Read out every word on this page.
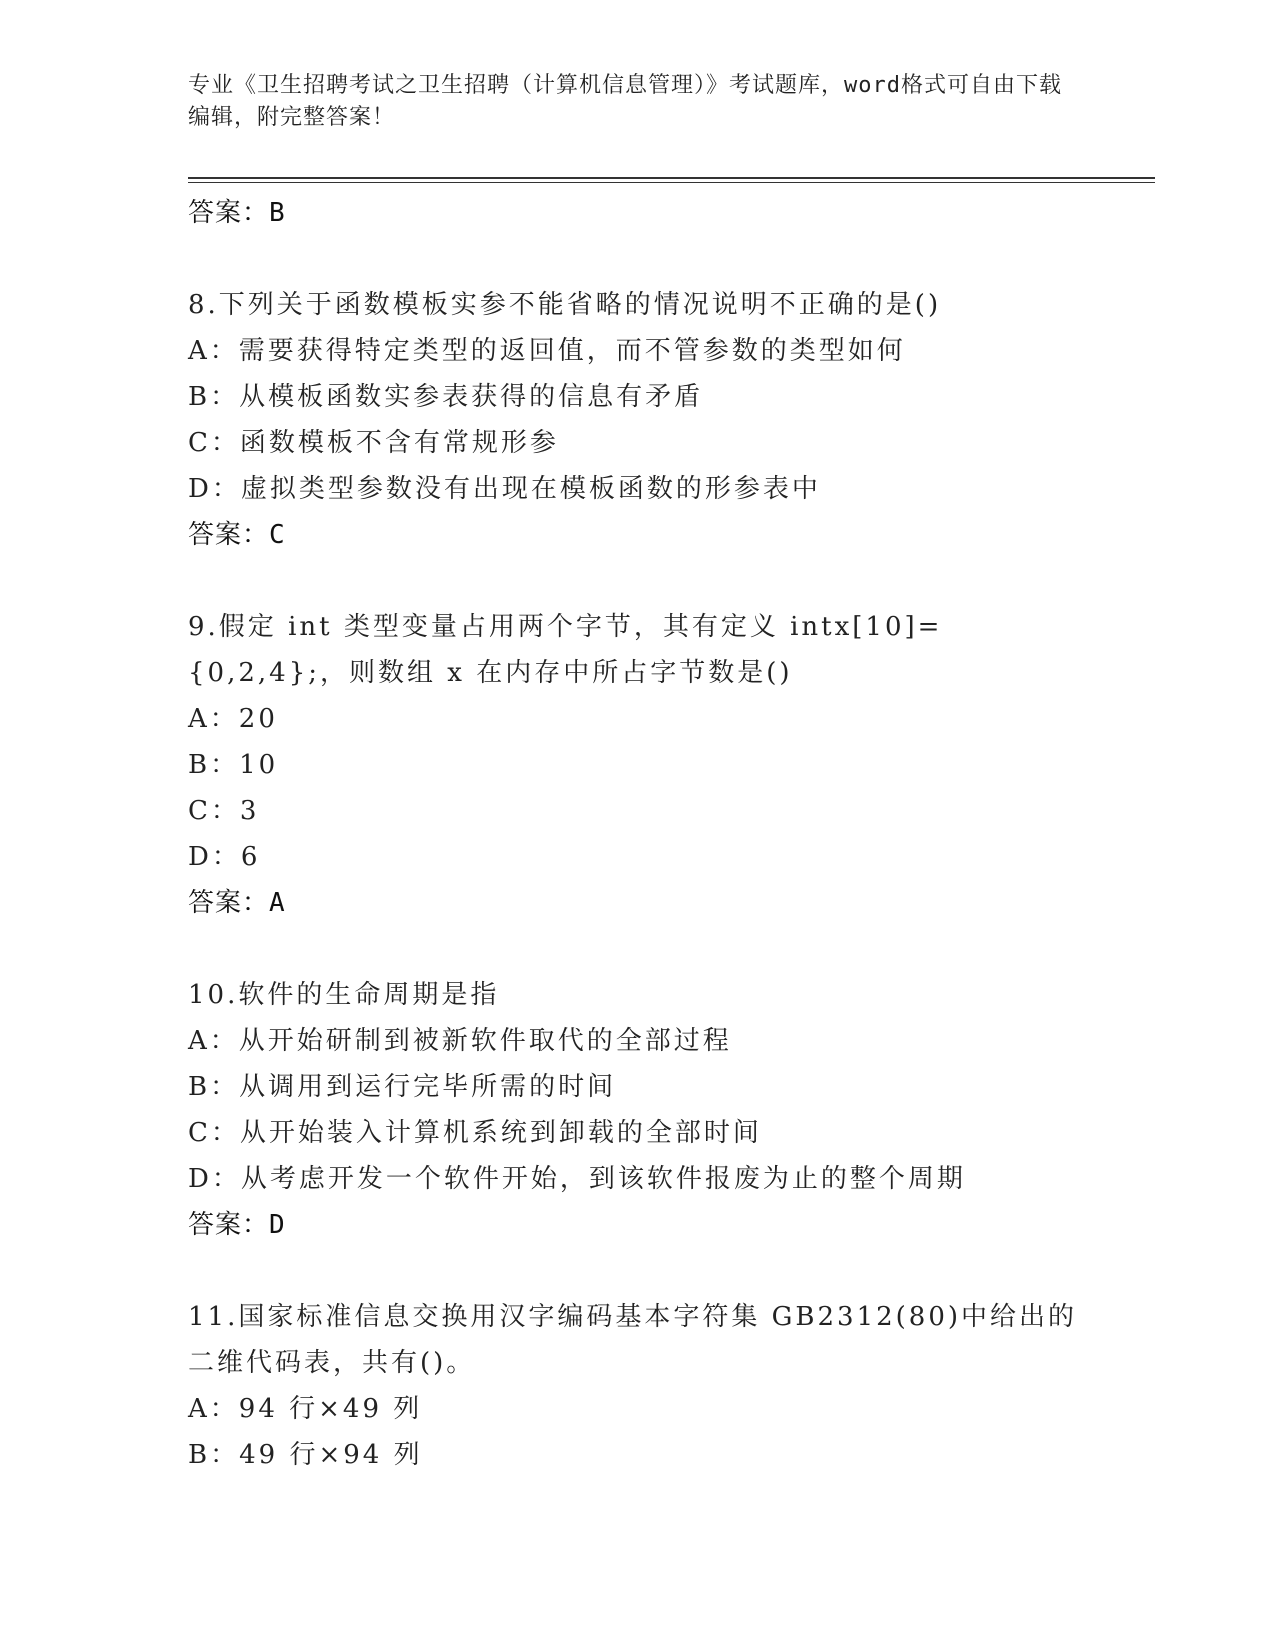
专业《卫生招聘考试之卫生招聘（计算机信息管理）》考试题库，word格式可自由下载编辑，附完整答案！
答案：B

8.下列关于函数模板实参不能省略的情况说明不正确的是()

A：需要获得特定类型的返回值，而不管参数的类型如何
B：从模板函数实参表获得的信息有矛盾
C：函数模板不含有常规形参
D：虚拟类型参数没有出现在模板函数的形参表中
答案：C

9.假定 int 类型变量占用两个字节，其有定义 intx[10]={0,2,4};，则数组 x 在内存中所占字节数是()

A：20
B：10
C：3
D：6
答案：A

10.软件的生命周期是指

A：从开始研制到被新软件取代的全部过程
B：从调用到运行完毕所需的时间
C：从开始装入计算机系统到卸载的全部时间
D：从考虑开发一个软件开始，到该软件报废为止的整个周期
答案：D

11.国家标准信息交换用汉字编码基本字符集 GB2312(80)中给出的二维代码表，共有()。

A：94 行×49 列
B：49 行×94 列
